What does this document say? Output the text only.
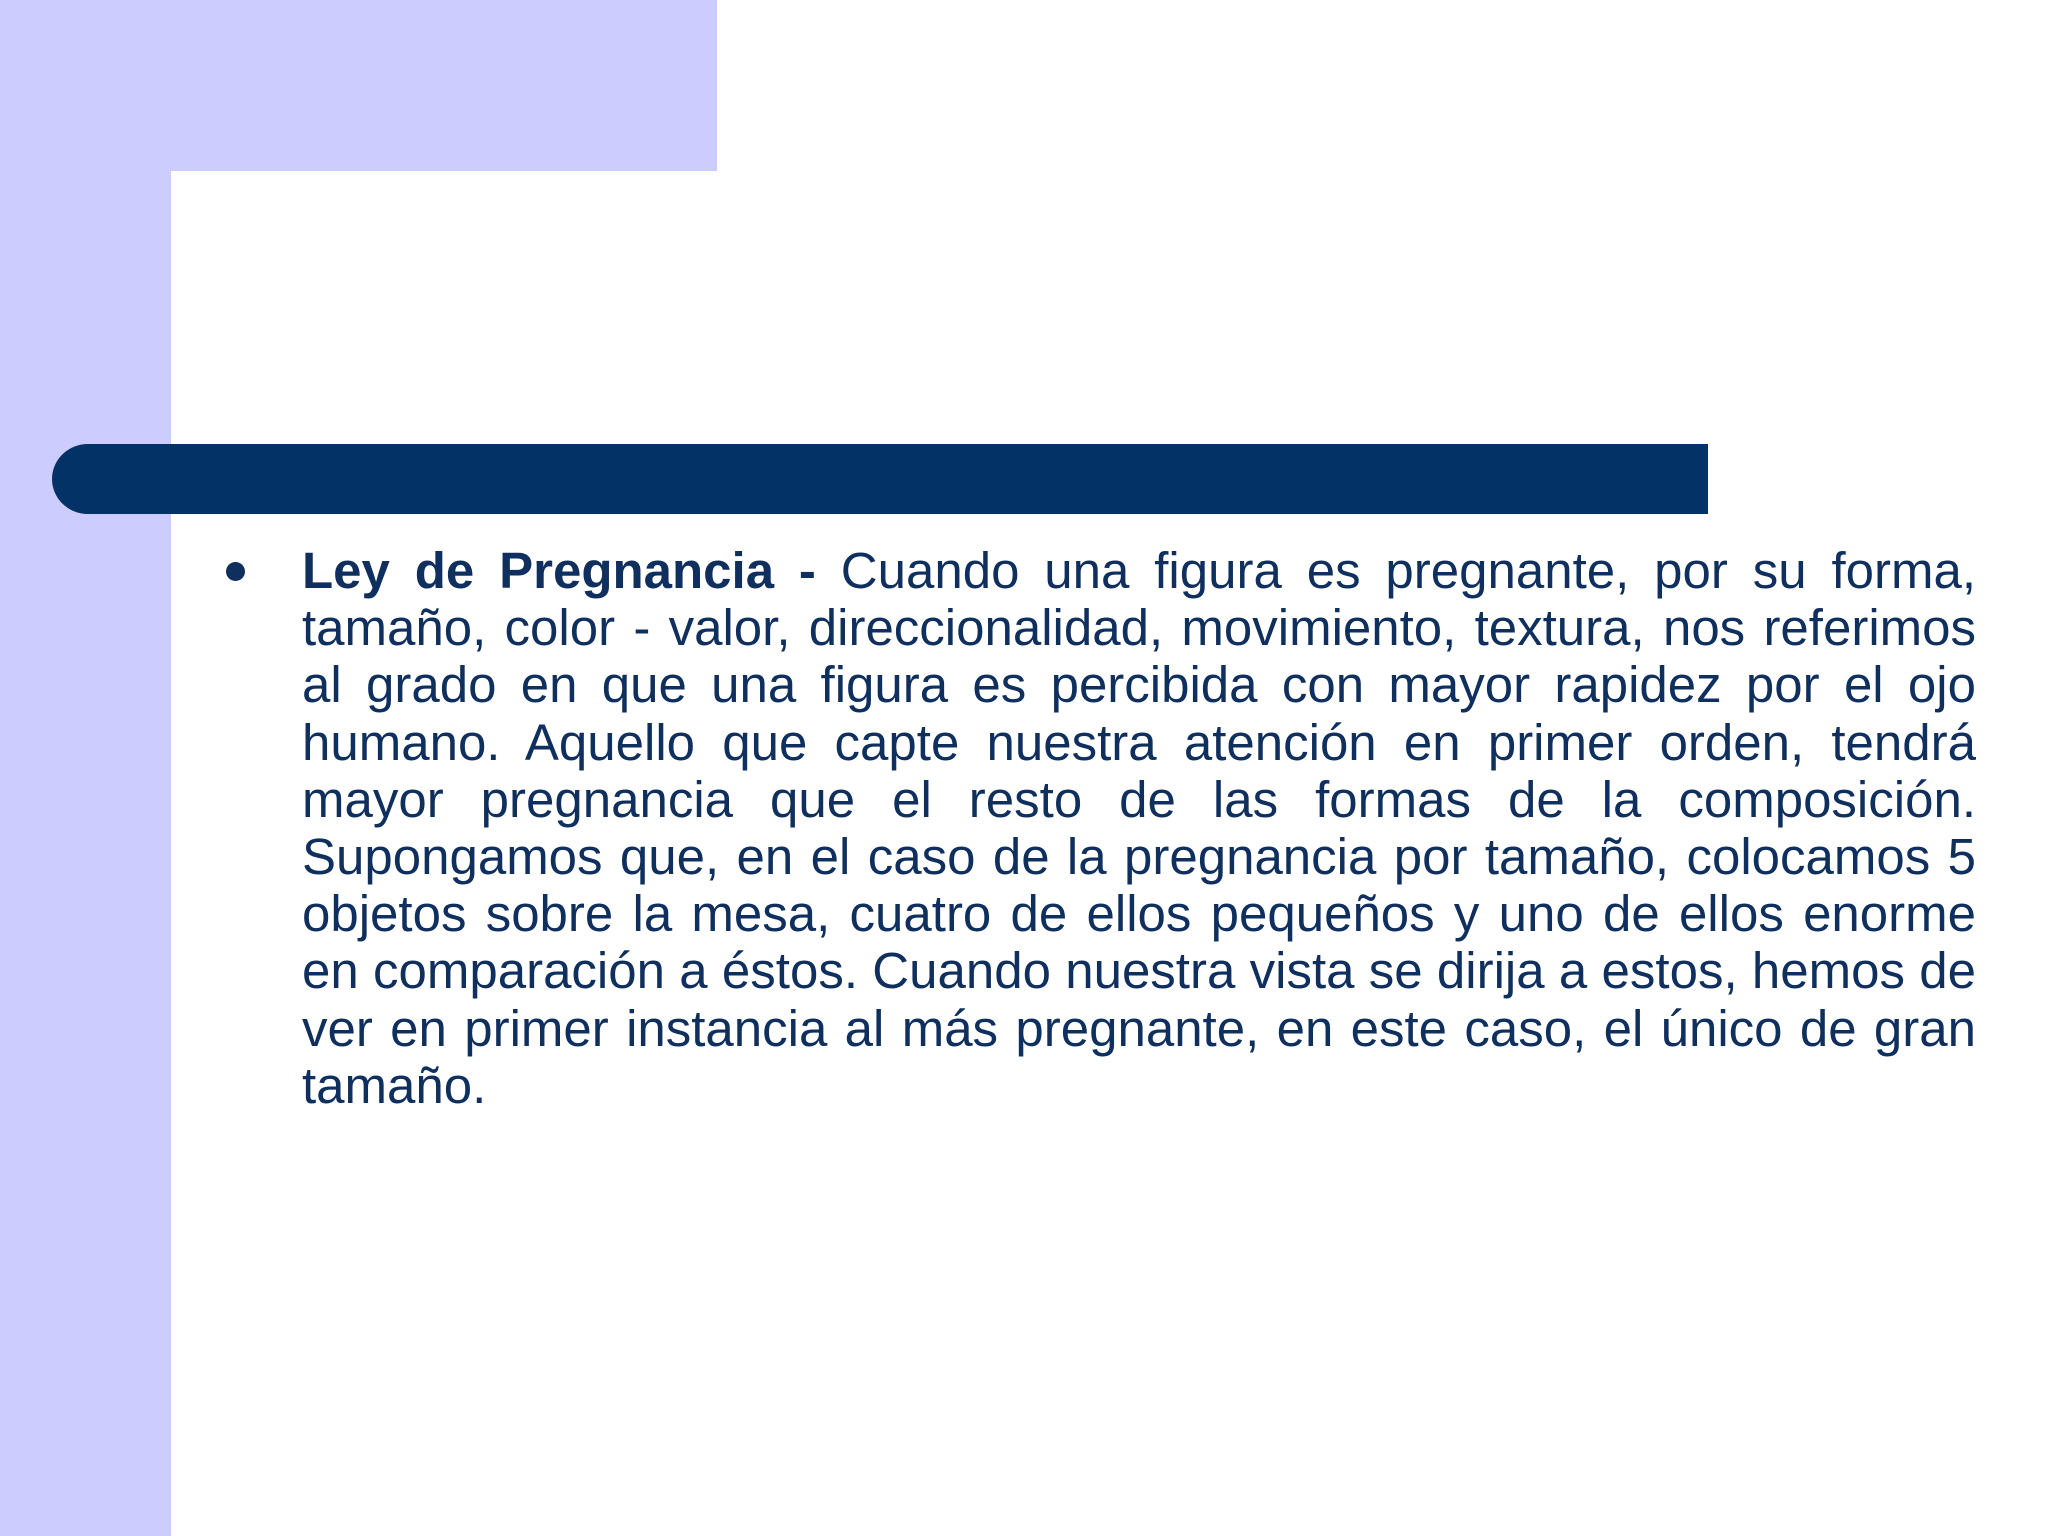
Ley de Pregnancia - Cuando una figura es pregnante, por su forma, tamaño, color - valor, direccionalidad, movimiento, textura, nos referimos al grado en que una figura es percibida con mayor rapidez por el ojo humano. Aquello que capte nuestra atención en primer orden, tendrá mayor pregnancia que el resto de las formas de la composición. Supongamos que, en el caso de la pregnancia por tamaño, colocamos 5 objetos sobre la mesa, cuatro de ellos pequeños y uno de ellos enorme en comparación a éstos. Cuando nuestra vista se dirija a estos, hemos de ver en primer instancia al más pregnante, en este caso, el único de gran tamaño.
